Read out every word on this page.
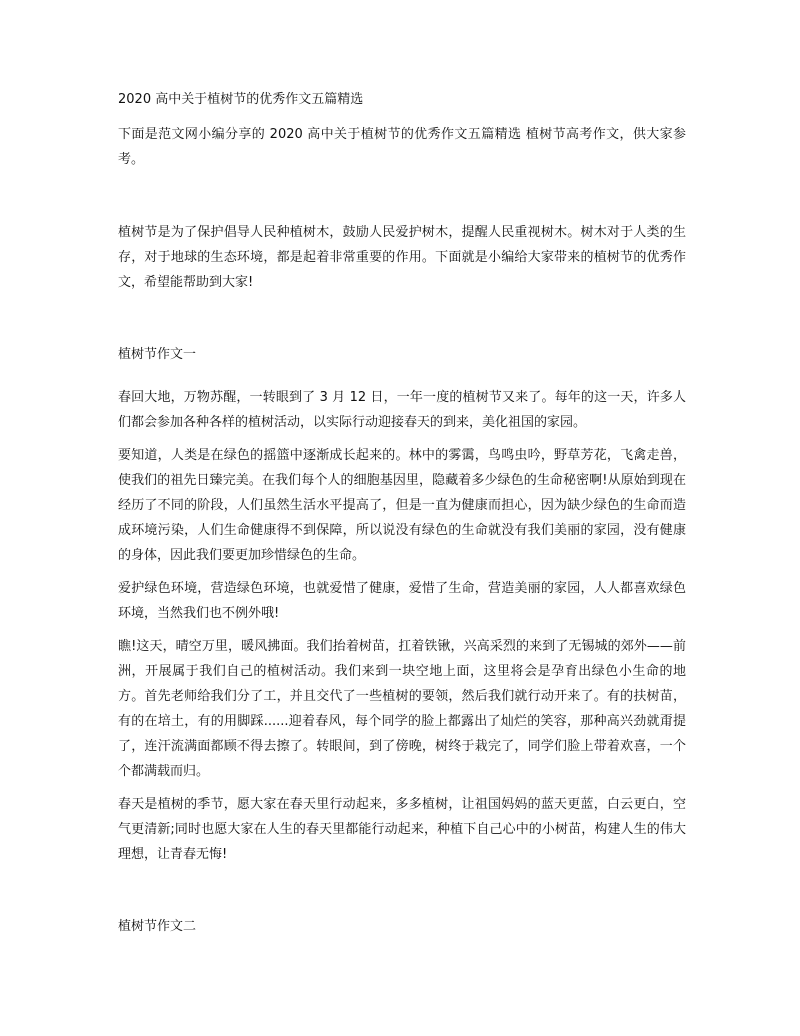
2020 高中关于植树节的优秀作文五篇精选

下面是范文网小编分享的 2020 高中关于植树节的优秀作文五篇精选 植树节高考作文，供大家参考。

植树节是为了保护倡导人民种植树木，鼓励人民爱护树木，提醒人民重视树木。树木对于人类的生存，对于地球的生态环境，都是起着非常重要的作用。下面就是小编给大家带来的植树节的优秀作文，希望能帮助到大家!

植树节作文一

春回大地，万物苏醒，一转眼到了 3 月 12 日，一年一度的植树节又来了。每年的这一天，许多人们都会参加各种各样的植树活动，以实际行动迎接春天的到来，美化祖国的家园。

要知道，人类是在绿色的摇篮中逐渐成长起来的。林中的雾霭，鸟鸣虫吟，野草芳花，飞禽走兽，使我们的祖先日臻完美。在我们每个人的细胞基因里，隐藏着多少绿色的生命秘密啊!从原始到现在经历了不同的阶段，人们虽然生活水平提高了，但是一直为健康而担心，因为缺少绿色的生命而造成环境污染，人们生命健康得不到保障，所以说没有绿色的生命就没有我们美丽的家园，没有健康的身体，因此我们要更加珍惜绿色的生命。

爱护绿色环境，营造绿色环境，也就爱惜了健康，爱惜了生命，营造美丽的家园，人人都喜欢绿色环境，当然我们也不例外哦!

瞧!这天，晴空万里，暖风拂面。我们抬着树苗，扛着铁锹，兴高采烈的来到了无锡城的郊外——前洲，开展属于我们自己的植树活动。我们来到一块空地上面，这里将会是孕育出绿色小生命的地方。首先老师给我们分了工，并且交代了一些植树的要领，然后我们就行动开来了。有的扶树苗，有的在培土，有的用脚踩......迎着春风，每个同学的脸上都露出了灿烂的笑容，那种高兴劲就甭提了，连汗流满面都顾不得去擦了。转眼间，到了傍晚，树终于栽完了，同学们脸上带着欢喜，一个个都满载而归。

春天是植树的季节，愿大家在春天里行动起来，多多植树，让祖国妈妈的蓝天更蓝，白云更白，空气更清新;同时也愿大家在人生的春天里都能行动起来，种植下自己心中的小树苗，构建人生的伟大理想，让青春无悔!

植树节作文二
